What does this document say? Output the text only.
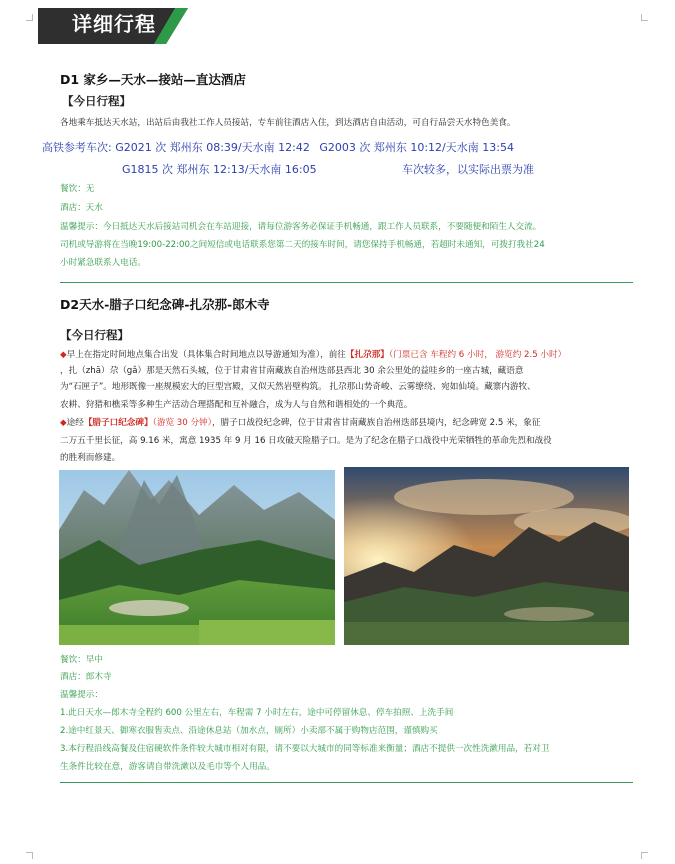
详细行程
D1 家乡—天水—接站—直达酒店
【今日行程】
各地乘车抵达天水站，出站后由我社工作人员接站，专车前往酒店入住，到达酒店自由活动，可自行品尝天水特色美食。
高铁参考车次: G2021 次 郑州东 08:39/天水南 12:42 G2003 次 郑州东 10:12/天水南 13:54
G1815 次 郑州东 12:13/天水南 16:05	车次较多，以实际出票为准
餐饮：无
酒店：天水
温馨提示：今日抵达天水后接站司机会在车站迎接，请每位游客务必保证手机畅通，跟工作人员联系，不要随便和陌生人交流。
司机或导游将在当晚19:00-22:00之间短信或电话联系您第二天的接车时间，请您保持手机畅通，若超时未通知，可拨打我社24
小时紧急联系人电话。
D2天水-腊子口纪念碑-扎尕那-郎木寺
【今日行程】
◆早上在指定时间地点集合出发（具体集合时间地点以导游通知为准），前往【扎尕那】（门票已含 车程约 6 小时， 游览约 2.5 小时）
，扎（zhā）尕（gǎ）那是天然石头城，位于甘肃省甘南藏族自治州迭部县西北 30 余公里处的益哇乡的一座古城，藏语意
为“石匣子”。地形既像一座规模宏大的巨型宫殿，又似天然岩壁构筑。 扎尕那山势奇峻、云雾缭绕、宛如仙境。藏寨内游牧、
农耕、狩猎和樵采等多种生产活动合理搭配和互补融合，成为人与自然和谐相处的一个典范。
◆途经【腊子口纪念碑】（游览 30 分钟），腊子口战役纪念碑，位于甘肃省甘南藏族自治州迭部县境内，纪念碑宽 2.5 米，象征
二万五千里长征，高 9.16 米，寓意 1935 年 9 月 16 日攻破天险腊子口。是为了纪念在腊子口战役中光荣牺牲的革命先烈和战役
的胜利而修建。
餐饮：早中
酒店：郎木寺
温馨提示：
1.此日天水—郎木寺全程约 600 公里左右，车程需 7 小时左右，途中可停留休息、停车拍照、上洗手间
2.途中红景天、御寒衣服售卖点、沿途休息站（加水点，厕所）小卖部不属于购物店范围，谨慎购买
3.本行程沿线高餐及住宿硬软件条件较大城市相对有限，请不要以大城市的同等标准来衡量；酒店不提供一次性洗漱用品，若对卫
生条件比较在意，游客请自带洗漱以及毛巾等个人用品。
